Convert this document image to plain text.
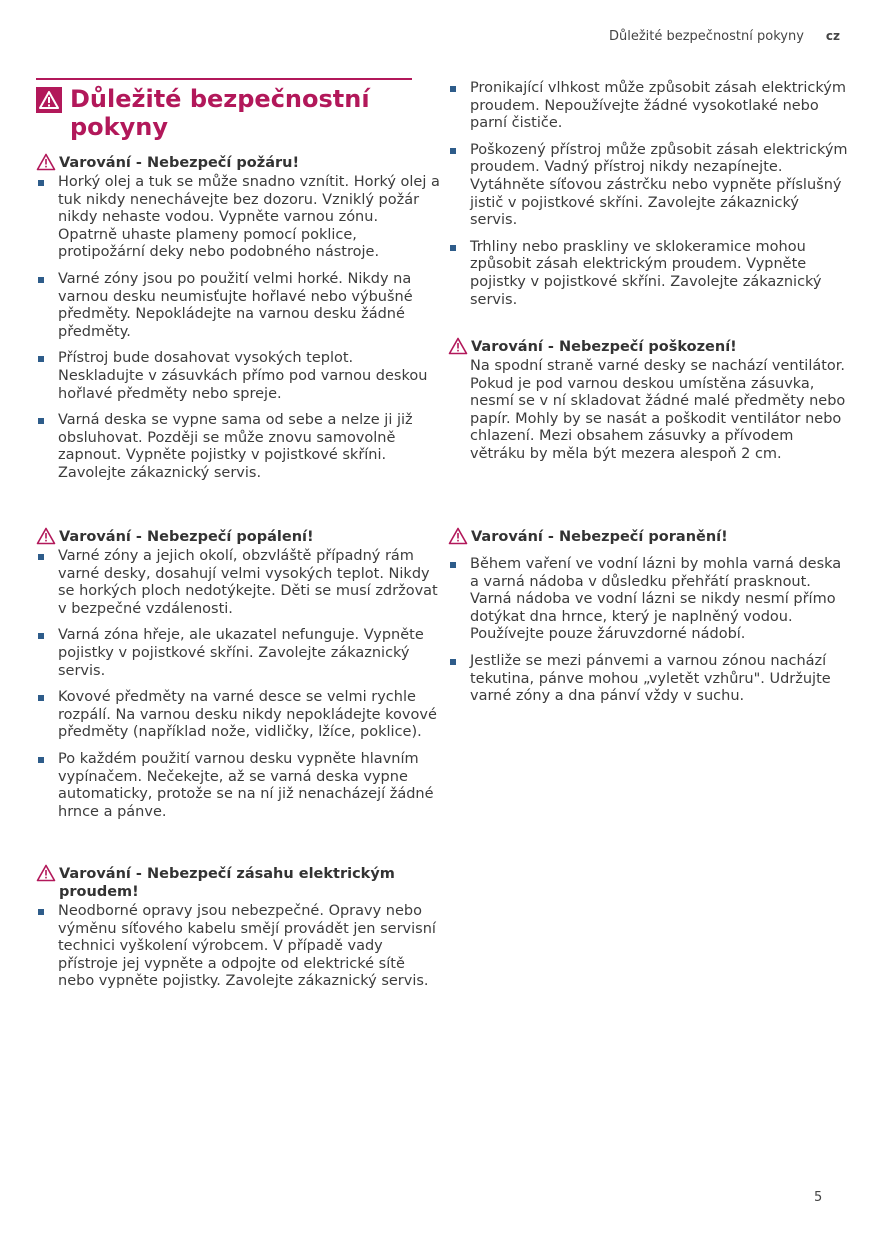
Důležité bezpečnostní pokyny cz
Důležité bezpečnostní pokyny
Varování - Nebezpečí požáru!
Horký olej a tuk se může snadno vznítit. Horký olej a tuk nikdy nenechávejte bez dozoru. Vzniklý požár nikdy nehaste vodou. Vypněte varnou zónu. Opatrně uhaste plameny pomocí poklice, protipožární deky nebo podobného nástroje.
Varné zóny jsou po použití velmi horké. Nikdy na varnou desku neumisťujte hořlavé nebo výbušné předměty. Nepokládejte na varnou desku žádné předměty.
Přístroj bude dosahovat vysokých teplot. Neskladujte v zásuvkách přímo pod varnou deskou hořlavé předměty nebo spreje.
Varná deska se vypne sama od sebe a nelze ji již obsluhovat. Později se může znovu samovolně zapnout. Vypněte pojistky v pojistkové skříni. Zavolejte zákaznický servis.
Varování - Nebezpečí popálení!
Varné zóny a jejich okolí, obzvláště případný rám varné desky, dosahují velmi vysokých teplot. Nikdy se horkých ploch nedotýkejte. Děti se musí zdržovat v bezpečné vzdálenosti.
Varná zóna hřeje, ale ukazatel nefunguje. Vypněte pojistky v pojistkové skříni. Zavolejte zákaznický servis.
Kovové předměty na varné desce se velmi rychle rozpálí. Na varnou desku nikdy nepokládejte kovové předměty (například nože, vidličky, lžíce, poklice).
Po každém použití varnou desku vypněte hlavním vypínačem. Nečekejte, až se varná deska vypne automaticky, protože se na ní již nenacházejí žádné hrnce a pánve.
Varování - Nebezpečí zásahu elektrickým proudem!
Neodborné opravy jsou nebezpečné. Opravy nebo výměnu síťového kabelu smějí provádět jen servisní technici vyškolení výrobcem. V případě vady přístroje jej vypněte a odpojte od elektrické sítě nebo vypněte pojistky. Zavolejte zákaznický servis.
Pronikající vlhkost může způsobit zásah elektrickým proudem. Nepoužívejte žádné vysokotlaké nebo parní čističe.
Poškozený přístroj může způsobit zásah elektrickým proudem. Vadný přístroj nikdy nezapínejte. Vytáhněte síťovou zástrčku nebo vypněte příslušný jistič v pojistkové skříni. Zavolejte zákaznický servis.
Trhliny nebo praskliny ve sklokeramice mohou způsobit zásah elektrickým proudem. Vypněte pojistky v pojistkové skříni. Zavolejte zákaznický servis.
Varování - Nebezpečí poškození!

Na spodní straně varné desky se nachází ventilátor. Pokud je pod varnou deskou umístěna zásuvka, nesmí se v ní skladovat žádné malé předměty nebo papír. Mohly by se nasát a poškodit ventilátor nebo chlazení. Mezi obsahem zásuvky a přívodem větráku by měla být mezera alespoň 2 cm.

Varování - Nebezpečí poranění!
Během vaření ve vodní lázni by mohla varná deska a varná nádoba v důsledku přehřátí prasknout. Varná nádoba ve vodní lázni se nikdy nesmí přímo dotýkat dna hrnce, který je naplněný vodou. Používejte pouze žáruvzdorné nádobí.
Jestliže se mezi pánvemi a varnou zónou nachází tekutina, pánve mohou „vyletět vzhůru". Udržujte varné zóny a dna pánví vždy v suchu.
5
